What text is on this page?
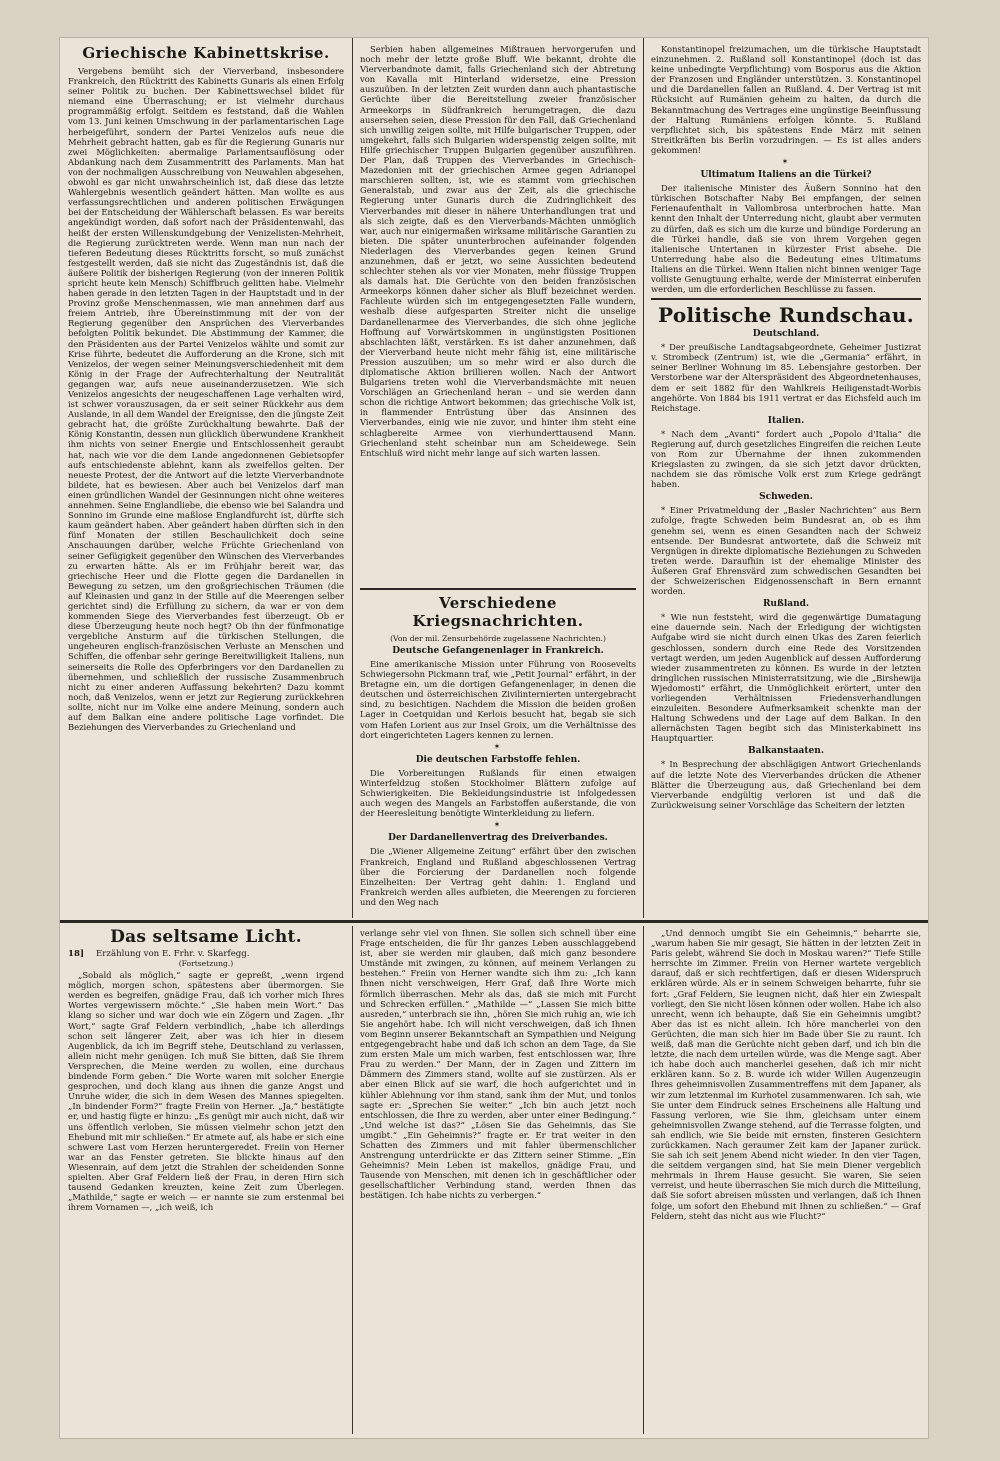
Griechische Kabinettskrise.

Vergebens bemüht sich der Vierverband, insbesondere Frankreich, den Rücktritt des Kabinetts Gunaris als einen Erfolg seiner Politik zu buchen. Der Kabinettswechsel bildet für niemand eine Überraschung; er ist vielmehr durchaus programmäßig erfolgt. Seitdem es feststand, daß die Wahlen vom 13. Juni keinen Umschwung in der parlamentarischen Lage herbeigeführt, sondern der Partei Venizelos aufs neue die Mehrheit gebracht hatten, gab es für die Regierung Gunaris nur zwei Möglichkeiten: abermalige Parlamentsauflösung oder Abdankung nach dem Zusammentritt des Parlaments. Man hat von der nochmaligen Ausschreibung von Neuwahlen abgesehen, obwohl es gar nicht unwahrscheinlich ist, daß diese das letzte Wahlergebnis wesentlich geändert hätten. Man wollte es aus verfassungsrechtlichen und anderen politischen Erwägungen bei der Entscheidung der Wählerschaft belassen. Es war bereits angekündigt worden, daß sofort nach der Präsidentenwahl, das heißt der ersten Willenskundgebung der Venizelisten-Mehrheit, die Regierung zurücktreten werde. Wenn man nun nach der tieferen Bedeutung dieses Rücktritts forscht, so muß zunächst festgestellt werden, daß sie nicht das Zugeständnis ist, daß die äußere Politik der bisherigen Regierung (von der inneren Politik spricht heute kein Mensch) Schiffbruch gelitten habe. Vielmehr haben gerade in den letzten Tagen in der Hauptstadt und in der Provinz große Menschenmassen, wie man annehmen darf aus freiem Antrieb, ihre Übereinstimmung mit der von der Regierung gegenüber den Ansprüchen des Vierverbandes befolgten Politik bekundet. Die Abstimmung der Kammer, die den Präsidenten aus der Partei Venizelos wählte und somit zur Krise führte, bedeutet die Aufforderung an die Krone, sich mit Venizelos, der wegen seiner Meinungsverschiedenheit mit dem König in der Frage der Aufrechterhaltung der Neutralität gegangen war, aufs neue auseinanderzusetzen. Wie sich Venizelos angesichts der neugeschaffenen Lage verhalten wird, ist schwer vorauszusagen, da er seit seiner Rückkehr aus dem Auslande, in all dem Wandel der Ereignisse, den die jüngste Zeit gebracht hat, die größte Zurückhaltung bewahrte. Daß der König Konstantin, dessen nun glücklich überwundene Krankheit ihm nichts von seiner Energie und Entschlossenheit geraubt hat, nach wie vor die dem Lande angedonnenen Gebietsopfer aufs entschiedenste ablehnt, kann als zweifellos gelten. Der neueste Protest, der die Antwort auf die letzte Vierverbandnote bildete, hat es bewiesen. Aber auch bei Venizelos darf man einen gründlichen Wandel der Gesinnungen nicht ohne weiteres annehmen. Seine Englandliebe, die ebenso wie bei Salandra und Sonnino im Grunde eine maßlose Englandfurcht ist, dürfte sich kaum geändert haben. Aber geändert haben dürften sich in den fünf Monaten der stillen Beschaulichkeit doch seine Anschauungen darüber, welche Früchte Griechenland von seiner Gefügigkeit gegenüber den Wünschen des Vierverbandes zu erwarten hätte. Als er im Frühjahr bereit war, das griechische Heer und die Flotte gegen die Dardanellen in Bewegung zu setzen, um den großgriechischen Träumen (die auf Kleinasien und ganz in der Stille auf die Meerengen selber gerichtet sind) die Erfüllung zu sichern, da war er von dem kommenden Siege des Vierverbandes fest überzeugt. Ob er diese Überzeugung heute noch hegt? Ob ihn der fünfmonatige vergebliche Ansturm auf die türkischen Stellungen, die ungeheuren englisch-französischen Verluste an Menschen und Schiffen, die offenbar sehr geringe Bereitwilligkeit Italiens, nun seinerseits die Rolle des Opferbringers vor den Dardanellen zu übernehmen, und schließlich der russische Zusammenbruch nicht zu einer anderen Auffassung bekehrten? Dazu kommt noch, daß Venizelos, wenn er jetzt zur Regierung zurückkehren sollte, nicht nur im Volke eine andere Meinung, sondern auch auf dem Balkan eine andere politische Lage vorfindet. Die Beziehungen des Vierverbandes zu Griechenland und

Serbien haben allgemeines Mißtrauen hervorgerufen und noch mehr der letzte große Bluff. Wie bekannt, drohte die Vierverbandnote damit, falls Griechenland sich der Abtretung von Kavalla mit Hinterland widersetze, eine Pression auszuüben. In der letzten Zeit wurden dann auch phantastische Gerüchte über die Bereitstellung zweier französischer Armeekorps in Südfrankreich herumgetragen, die dazu ausersehen seien, diese Pression für den Fall, daß Griechenland sich unwillig zeigen sollte, mit Hilfe bulgarischer Truppen, oder umgekehrt, falls sich Bulgarien widerspenstig zeigen sollte, mit Hilfe griechischer Truppen Bulgarien gegenüber auszuführen. Der Plan, daß Truppen des Vierverbandes in Griechisch-Mazedonien mit der griechischen Armee gegen Adrianopel marschieren sollten, ist, wie es stammt vom griechischen Generalstab, und zwar aus der Zeit, als die griechische Regierung unter Gunaris durch die Zudringlichkeit des Vierverbandes mit dieser in nähere Unterhandlungen trat und als sich zeigte, daß es den Vierverbands-Mächten unmöglich war, auch nur einigermaßen wirksame militärische Garantien zu bieten. Die später ununterbrochen aufeinander folgenden Niederlagen des Vierverbandes gegen keinen Grund anzunehmen, daß er jetzt, wo seine Aussichten bedeutend schlechter stehen als vor vier Monaten, mehr flüssige Truppen als damals hat. Die Gerüchte von den beiden französischen Armeekorps können daher sicher als Bluff bezeichnet werden. Fachleute würden sich im entgegengesetzten Falle wundern, weshalb diese aufgesparten Streiter nicht die unselige Dardanellenarmee des Vierverbandes, die sich ohne jegliche Hoffnung auf Vorwärtskommen in ungünstigsten Positionen abschlachten läßt, verstärken. Es ist daher anzunehmen, daß der Vierverband heute nicht mehr fähig ist, eine militärische Pression auszuüben; um so mehr wird er also durch die diplomatische Aktion brillieren wollen. Nach der Antwort Bulgariens treten wohl die Vierverbandsmächte mit neuen Vorschlägen an Griechenland heran – und sie werden dann schon die richtige Antwort bekommen; das griechische Volk ist, in flammender Entrüstung über das Ansinnen des Vierverbandes, einig wie nie zuvor, und hinter ihm steht eine schlagbereite Armee von vierhunderttausend Mann. Griechenland steht scheinbar nun am Scheidewege. Sein Entschluß wird nicht mehr lange auf sich warten lassen.

Verschiedene Kriegsnachrichten.
(Von der mil. Zensurbehörde zugelassene Nachrichten.)
Deutsche Gefangenenlager in Frankreich.

Eine amerikanische Mission unter Führung von Roosevelts Schwiegersohn Pickmann traf, wie „Petit Journal“ erfährt, in der Bretagne ein, um die dortigen Gefangenenlager, in denen die deutschen und österreichischen Zivilinternierten untergebracht sind, zu besichtigen. Nachdem die Mission die beiden großen Lager in Coetquidan und Kerlois besucht hat, begab sie sich vom Hafen Lorient aus zur Insel Groix, um die Verhältnisse des dort eingerichteten Lagers kennen zu lernen.

✶
Die deutschen Farbstoffe fehlen.

Die Vorbereitungen Rußlands für einen etwaigen Winterfeldzug stoßen Stockholmer Blättern zufolge auf Schwierigkeiten. Die Bekleidungsindustrie ist infolgedessen auch wegen des Mangels an Farbstoffen außerstande, die von der Heeresleitung benötigte Winterkleidung zu liefern.

✶
Der Dardanellenvertrag des Dreiverbandes.

Die „Wiener Allgemeine Zeitung“ erfährt über den zwischen Frankreich, England und Rußland abgeschlossenen Vertrag über die Forcierung der Dardanellen noch folgende Einzelheiten: Der Vertrag geht dahin: 1. England und Frankreich werden alles aufbieten, die Meerengen zu forcieren und den Weg nach

Konstantinopel freizumachen, um die türkische Hauptstadt einzunehmen. 2. Rußland soll Konstantinopel (doch ist das keine unbedingte Verpflichtung) vom Bosporus aus die Aktion der Franzosen und Engländer unterstützen. 3. Konstantinopel und die Dardanellen fallen an Rußland. 4. Der Vertrag ist mit Rücksicht auf Rumänien geheim zu halten, da durch die Bekanntmachung des Vertrages eine ungünstige Beeinflussung der Haltung Rumäniens erfolgen könnte. 5. Rußland verpflichtet sich, bis spätestens Ende März mit seinen Streitkräften bis Berlin vorzudringen. — Es ist alles anders gekommen!

✶
Ultimatum Italiens an die Türkei?

Der italienische Minister des Äußern Sonnino hat den türkischen Botschafter Naby Bei empfangen, der seinen Ferienaufenthalt in Vallombrosa unterbrochen hatte. Man kennt den Inhalt der Unterredung nicht, glaubt aber vermuten zu dürfen, daß es sich um die kurze und bündige Forderung an die Türkei handle, daß sie von ihrem Vorgehen gegen italienische Untertanen in kürzester Frist absehe. Die Unterredung habe also die Bedeutung eines Ultimatums Italiens an die Türkei. Wenn Italien nicht binnen weniger Tage volliste Genugtuung erhalte, werde der Ministerrat einberufen werden, um die erforderlichen Beschlüsse zu fassen.

Politische Rundschau.
Deutschland.

* Der preußische Landtagsabgeordnete, Geheimer Justizrat v. Strombeck (Zentrum) ist, wie die „Germania“ erfährt, in seiner Berliner Wohnung im 85. Lebensjahre gestorben. Der Verstorbene war der Alterspräsident des Abgeordnetenhauses, dem er seit 1882 für den Wahlkreis Heiligenstadt-Worbis angehörte. Von 1884 bis 1911 vertrat er das Eichsfeld auch im Reichstage.

Italien.

* Nach dem „Avanti“ fordert auch „Popolo d'Italia“ die Regierung auf, durch gesetzliches Eingreifen die reichen Leute von Rom zur Übernahme der ihnen zukommenden Kriegslasten zu zwingen, da sie sich jetzt davor drückten, nachdem sie das römische Volk erst zum Kriege gedrängt haben.

Schweden.

* Einer Privatmeldung der „Basler Nachrichten“ aus Bern zufolge, fragte Schweden beim Bundesrat an, ob es ihm genehm sei, wenn es einen Gesandten nach der Schweiz entsende. Der Bundesrat antwortete, daß die Schweiz mit Vergnügen in direkte diplomatische Beziehungen zu Schweden treten werde. Daraufhin ist der ehemalige Minister des Äußeren Graf Ehrensvärd zum schwedischen Gesandten bei der Schweizerischen Eidgenossenschaft in Bern ernannt worden.

Rußland.

* Wie nun feststeht, wird die gegenwärtige Dumatagung eine dauernde sein. Nach der Erledigung der wichtigsten Aufgabe wird sie nicht durch einen Ukas des Zaren feierlich geschlossen, sondern durch eine Rede des Vorsitzenden vertagt werden, um jeden Augenblick auf dessen Aufforderung wieder zusammentreten zu können. Es wurde in der letzten dringlichen russischen Ministerratsitzung, wie die „Birshewija Wjedomosti“ erfährt, die Unmöglichkeit erörtert, unter den vorliegenden Verhältnissen Friedensverhandlungen einzuleiten. Besondere Aufmerksamkeit schenkte man der Haltung Schwedens und der Lage auf dem Balkan. In den allernächsten Tagen begibt sich das Ministerkabinett ins Hauptquartier.

Balkanstaaten.

* In Besprechung der abschlägigen Antwort Griechenlands auf die letzte Note des Vierverbandes drücken die Athener Blätter die Überzeugung aus, daß Griechenland bei dem Vierverbande endgültig verloren ist und daß die Zurückweisung seiner Vorschläge das Scheitern der letzten

Das seltsame Licht.
18] Erzählung von E. Frhr. v. Skarfegg.
(Fortsetzung.)

„Sobald als möglich,“ sagte er gepreßt, „wenn irgend möglich, morgen schon, spätestens aber übermorgen. Sie werden es begreifen, gnädige Frau, daß ich vorher mich Ihres Wortes vergewissern möchte.“ „Sie haben mein Wort.“ Das klang so sicher und war doch wie ein Zögern und Zagen. „Ihr Wort,“ sagte Graf Feldern verbindlich, „habe ich allerdings schon seit längerer Zeit, aber was ich hier in diesem Augenblick, da ich im Begriff stehe, Deutschland zu verlassen, allein nicht mehr genügen. Ich muß Sie bitten, daß Sie Ihrem Versprechen, die Meine werden zu wollen, eine durchaus bindende Form geben.“ Die Worte waren mit solcher Energie gesprochen, und doch klang aus ihnen die ganze Angst und Unruhe wider, die sich in dem Wesen des Mannes spiegelten. „In bindender Form?“ fragte Freiin von Herner. „Ja,“ bestätigte er, und hastig fügte er hinzu: „Es genügt mir auch nicht, daß wir uns öffentlich verloben, Sie müssen vielmehr schon jetzt den Ehebund mit mir schließen.“ Er atmete auf, als habe er sich eine schwere Last vom Herzen heruntergeredet. Freiin von Herner war an das Fenster getreten. Sie blickte hinaus auf den Wiesenrain, auf dem jetzt die Strahlen der scheidenden Sonne spielten. Aber Graf Feldern ließ der Frau, in deren Hirn sich tausend Gedanken kreuzten, keine Zeit zum Überlegen. „Mathilde,“ sagte er weich — er nannte sie zum erstenmal bei ihrem Vornamen —, „ich weiß, ich

verlange sehr viel von Ihnen. Sie sollen sich schnell über eine Frage entscheiden, die für Ihr ganzes Leben ausschlaggebend ist, aber sie werden mir glauben, daß mich ganz besondere Umstände mit zwingen, zu können, auf meinem Verlangen zu bestehen.“ Freiin von Herner wandte sich ihm zu: „Ich kann Ihnen nicht verschweigen, Herr Graf, daß Ihre Worte mich förmlich überraschen. Mehr als das, daß sie mich mit Furcht und Schrecken erfüllen.“ „Mathilde —“ „Lassen Sie mich bitte ausreden,“ unterbrach sie ihn, „hören Sie mich ruhig an, wie ich Sie angehört habe. Ich will nicht verschweigen, daß ich Ihnen vom Beginn unserer Bekanntschaft an Sympathien und Neigung entgegengebracht habe und daß ich schon an dem Tage, da Sie zum ersten Male um mich warben, fest entschlossen war, Ihre Frau zu werden.“ Der Mann, der in Zagen und Zittern im Dämmern des Zimmers stand, wollte auf sie zustürzen. Als er aber einen Blick auf sie warf, die hoch aufgerichtet und in kühler Ablehnung vor ihm stand, sank ihm der Mut, und tonlos sagte er: „Sprechen Sie weiter.“ „Ich bin auch jetzt noch entschlossen, die Ihre zu werden, aber unter einer Bedingung.“ „Und welche ist das?“ „Lösen Sie das Geheimnis, das Sie umgibt.“ „Ein Geheimnis?“ fragte er. Er trat weiter in den Schatten des Zimmers und mit fahler übermenschlicher Anstrengung unterdrückte er das Zittern seiner Stimme. „Ein Geheimnis? Mein Leben ist makellos, gnädige Frau, und Tausende von Menschen, mit denen ich in geschäftlicher oder gesellschaftlicher Verbindung stand, werden Ihnen das bestätigen. Ich habe nichts zu verbergen.“

„Und dennoch umgibt Sie ein Geheimnis,“ beharrte sie, „warum haben Sie mir gesagt, Sie hätten in der letzten Zeit in Paris gelebt, während Sie doch in Moskau waren?“ Tiefe Stille herrschte im Zimmer. Freiin von Herner wartete vergeblich darauf, daß er sich rechtfertigen, daß er diesen Widerspruch erklären würde. Als er in seinem Schweigen beharrte, fuhr sie fort: „Graf Feldern, Sie leugnen nicht, daß hier ein Zwiespalt vorliegt, den Sie nicht lösen können oder wollen. Habe ich also unrecht, wenn ich behaupte, daß Sie ein Geheimnis umgibt? Aber das ist es nicht allein. Ich höre mancherlei von den Gerüchten, die man sich hier im Bade über Sie zu raunt. Ich weiß, daß man die Gerüchte nicht geben darf, und ich bin die letzte, die nach dem urteilen würde, was die Menge sagt. Aber ich habe doch auch mancherlei gesehen, daß ich mir nicht erklären kann. So z. B. wurde ich wider Willen Augenzeugin Ihres geheimnisvollen Zusammentreffens mit dem Japaner, als wir zum letztenmal im Kurhotel zusammenwaren. Ich sah, wie Sie unter dem Eindruck seines Erscheinens alle Haltung und Fassung verloren, wie Sie ihm, gleichsam unter einem geheimnisvollen Zwange stehend, auf die Terrasse folgten, und sah endlich, wie Sie beide mit ernsten, finsteren Gesichtern zurückkamen. Nach geraumer Zeit kam der Japaner zurück. Sie sah ich seit jenem Abend nicht wieder. In den vier Tagen, die seitdem vergangen sind, hat Sie mein Diener vergeblich mehrmals in Ihrem Hause gesucht. Sie waren, Sie seien verreist, und heute überraschen Sie mich durch die Mitteilung, daß Sie sofort abreisen müssten und verlangen, daß ich Ihnen folge, um sofort den Ehebund mit Ihnen zu schließen.“ — Graf Feldern, steht das nicht aus wie Flucht?“
